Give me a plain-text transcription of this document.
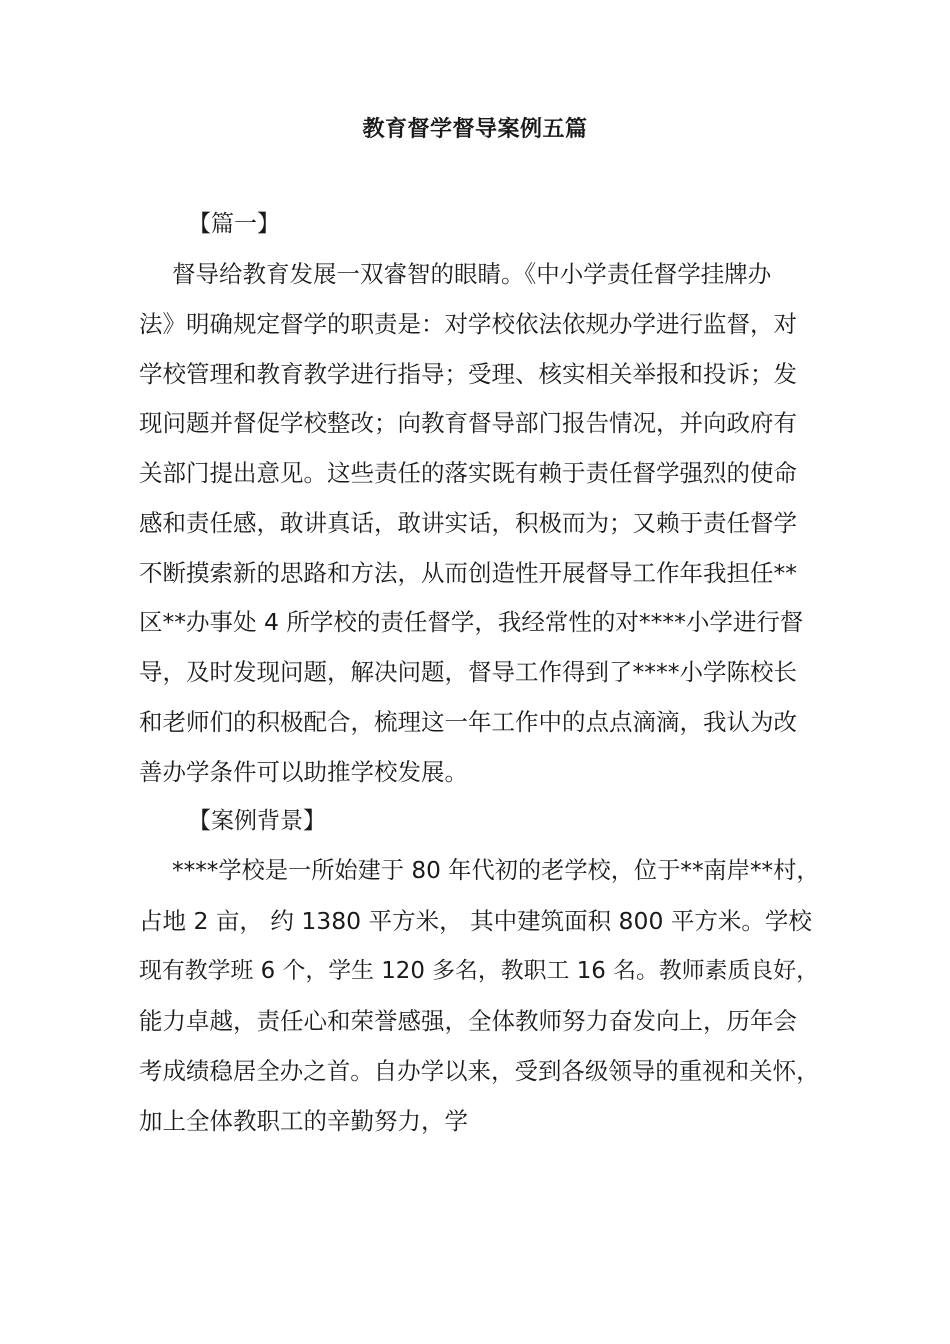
教育督学督导案例五篇
【篇一】
督导给教育发展一双睿智的眼睛。《中小学责任督学挂牌办
法》明确规定督学的职责是：对学校依法依规办学进行监督，对
学校管理和教育教学进行指导；受理、核实相关举报和投诉；发
现问题并督促学校整改；向教育督导部门报告情况，并向政府有
关部门提出意见。这些责任的落实既有赖于责任督学强烈的使命
感和责任感，敢讲真话，敢讲实话，积极而为；又赖于责任督学
不断摸索新的思路和方法，从而创造性开展督导工作年我担任**
区**办事处 4 所学校的责任督学，我经常性的对****小学进行督
导，及时发现问题，解决问题，督导工作得到了****小学陈校长
和老师们的积极配合，梳理这一年工作中的点点滴滴，我认为改
善办学条件可以助推学校发展。
【案例背景】
****学校是一所始建于 80 年代初的老学校，位于**南岸**村，
占地 2 亩， 约 1380 平方米， 其中建筑面积 800 平方米。学校
现有教学班 6 个，学生 120 多名，教职工 16 名。教师素质良好，
能力卓越，责任心和荣誉感强，全体教师努力奋发向上，历年会
考成绩稳居全办之首。自办学以来，受到各级领导的重视和关怀，
加上全体教职工的辛勤努力，学
